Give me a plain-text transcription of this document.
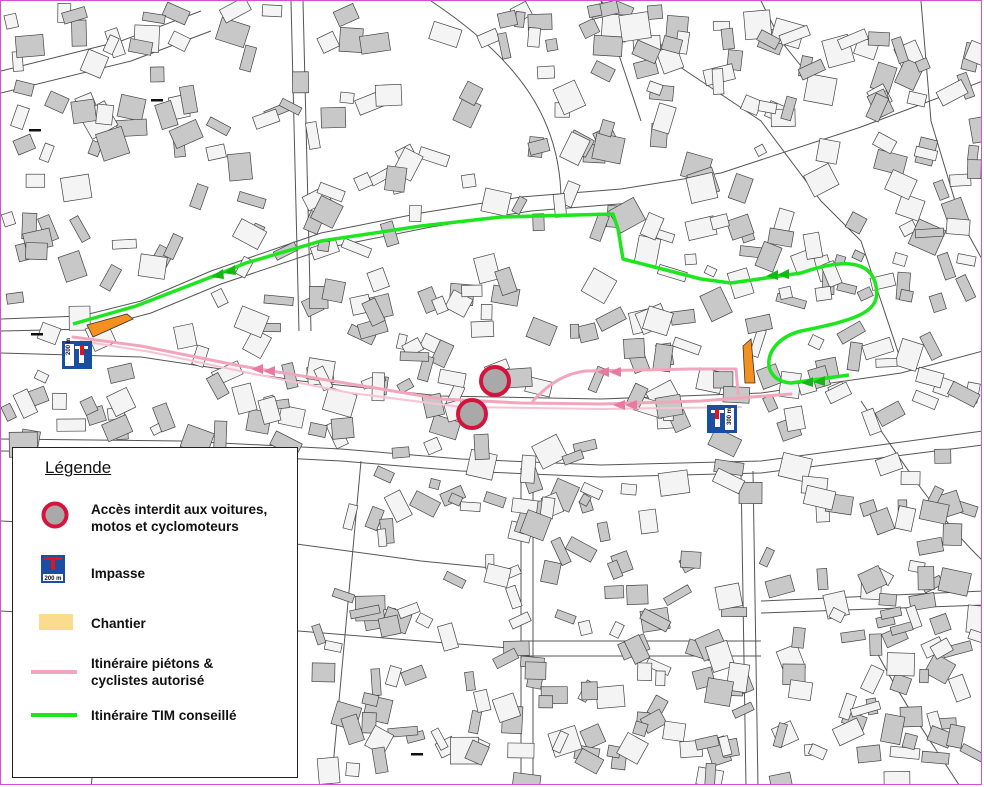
200 m
300 m
Légende
Accès interdit aux voitures,
motos et cyclomoteurs
200 m Impasse
Chantier
Itinéraire piétons &
cyclistes autorisé
Itinéraire TIM conseillé
